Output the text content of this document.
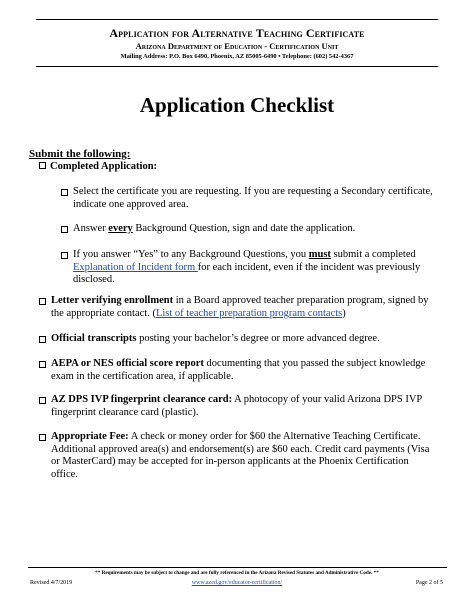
Application for Alternative Teaching Certificate
Arizona Department of Education - Certification Unit
Mailing Address: P.O. Box 6490, Phoenix, AZ 85005-6490 • Telephone: (602) 542-4367
Application Checklist
Submit the following:
Completed Application:
Select the certificate you are requesting. If you are requesting a Secondary certificate, indicate one approved area.
Answer every Background Question, sign and date the application.
If you answer “Yes” to any Background Questions, you must submit a completed Explanation of Incident form for each incident, even if the incident was previously disclosed.
Letter verifying enrollment in a Board approved teacher preparation program, signed by the appropriate contact. (List of teacher preparation program contacts)
Official transcripts posting your bachelor’s degree or more advanced degree.
AEPA or NES official score report documenting that you passed the subject knowledge exam in the certification area, if applicable.
AZ DPS IVP fingerprint clearance card: A photocopy of your valid Arizona DPS IVP fingerprint clearance card (plastic).
Appropriate Fee: A check or money order for $60 the Alternative Teaching Certificate. Additional approved area(s) and endorsement(s) are $60 each. Credit card payments (Visa or MasterCard) may be accepted for in-person applicants at the Phoenix Certification office.
** Requirements may be subject to change and are fully referenced in the Arizona Revised Statutes and Administrative Code. **
Revised 4/7/2019	www.azed.gov/educator-certification/	Page 2 of 5
